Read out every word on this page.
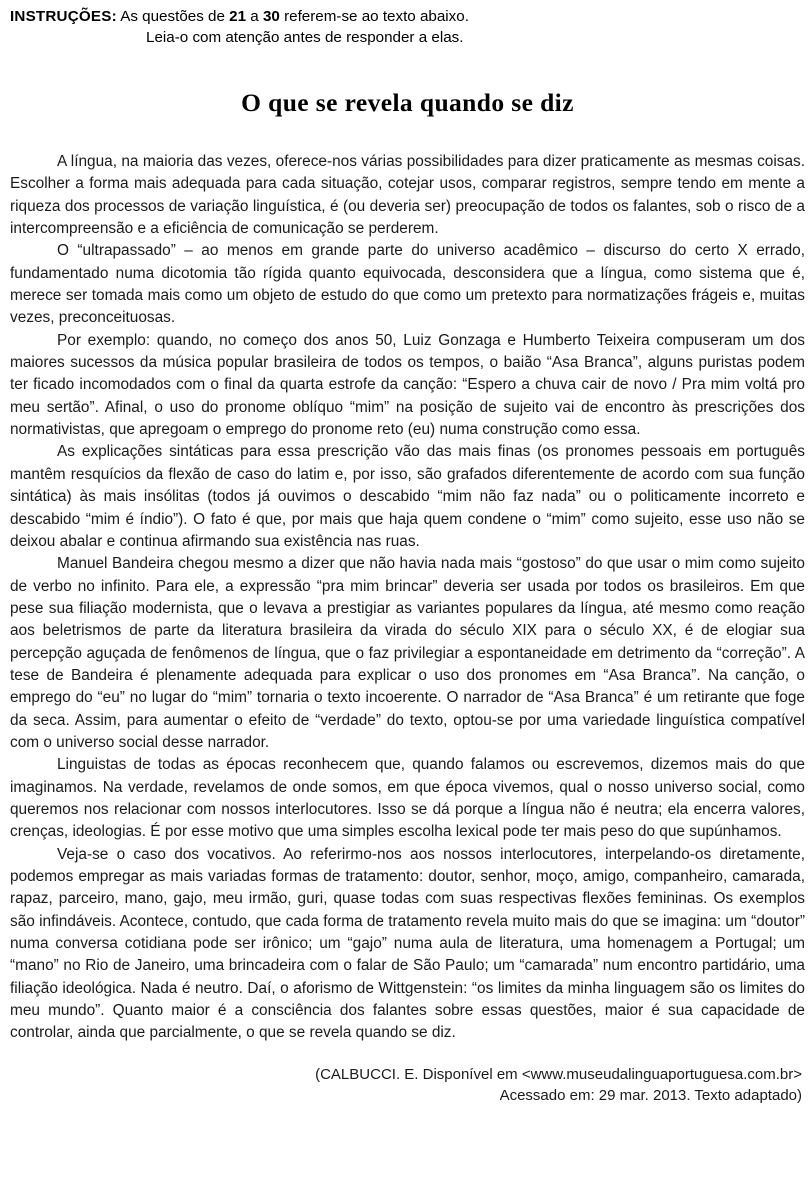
INSTRUÇÕES: As questões de 21 a 30 referem-se ao texto abaixo.
Leia-o com atenção antes de responder a elas.
O que se revela quando se diz

A língua, na maioria das vezes, oferece-nos várias possibilidades para dizer praticamente as mesmas coisas. Escolher a forma mais adequada para cada situação, cotejar usos, comparar registros, sempre tendo em mente a riqueza dos processos de variação linguística, é (ou deveria ser) preocupação de todos os falantes, sob o risco de a intercompreensão e a eficiência de comunicação se perderem.

O “ultrapassado” – ao menos em grande parte do universo acadêmico – discurso do certo X errado, fundamentado numa dicotomia tão rígida quanto equivocada, desconsidera que a língua, como sistema que é, merece ser tomada mais como um objeto de estudo do que como um pretexto para normatizações frágeis e, muitas vezes, preconceituosas.

Por exemplo: quando, no começo dos anos 50, Luiz Gonzaga e Humberto Teixeira compuseram um dos maiores sucessos da música popular brasileira de todos os tempos, o baião “Asa Branca”, alguns puristas podem ter ficado incomodados com o final da quarta estrofe da canção: “Espero a chuva cair de novo / Pra mim voltá pro meu sertão”. Afinal, o uso do pronome oblíquo “mim” na posição de sujeito vai de encontro às prescrições dos normativistas, que apregoam o emprego do pronome reto (eu) numa construção como essa.

As explicações sintáticas para essa prescrição vão das mais finas (os pronomes pessoais em português mantêm resquícios da flexão de caso do latim e, por isso, são grafados diferentemente de acordo com sua função sintática) às mais insólitas (todos já ouvimos o descabido “mim não faz nada” ou o politicamente incorreto e descabido “mim é índio”). O fato é que, por mais que haja quem condene o “mim” como sujeito, esse uso não se deixou abalar e continua afirmando sua existência nas ruas.

Manuel Bandeira chegou mesmo a dizer que não havia nada mais “gostoso” do que usar o mim como sujeito de verbo no infinito. Para ele, a expressão “pra mim brincar” deveria ser usada por todos os brasileiros. Em que pese sua filiação modernista, que o levava a prestigiar as variantes populares da língua, até mesmo como reação aos beletrismos de parte da literatura brasileira da virada do século XIX para o século XX, é de elogiar sua percepção aguçada de fenômenos de língua, que o faz privilegiar a espontaneidade em detrimento da “correção”. A tese de Bandeira é plenamente adequada para explicar o uso dos pronomes em “Asa Branca”. Na canção, o emprego do “eu” no lugar do “mim” tornaria o texto incoerente. O narrador de “Asa Branca” é um retirante que foge da seca. Assim, para aumentar o efeito de “verdade” do texto, optou-se por uma variedade linguística compatível com o universo social desse narrador.

Linguistas de todas as épocas reconhecem que, quando falamos ou escrevemos, dizemos mais do que imaginamos. Na verdade, revelamos de onde somos, em que época vivemos, qual o nosso universo social, como queremos nos relacionar com nossos interlocutores. Isso se dá porque a língua não é neutra; ela encerra valores, crenças, ideologias. É por esse motivo que uma simples escolha lexical pode ter mais peso do que supúnhamos.

Veja-se o caso dos vocativos. Ao referirmo-nos aos nossos interlocutores, interpelando-os diretamente, podemos empregar as mais variadas formas de tratamento: doutor, senhor, moço, amigo, companheiro, camarada, rapaz, parceiro, mano, gajo, meu irmão, guri, quase todas com suas respectivas flexões femininas. Os exemplos são infindáveis. Acontece, contudo, que cada forma de tratamento revela muito mais do que se imagina: um “doutor” numa conversa cotidiana pode ser irônico; um “gajo” numa aula de literatura, uma homenagem a Portugal; um “mano” no Rio de Janeiro, uma brincadeira com o falar de São Paulo; um “camarada” num encontro partidário, uma filiação ideológica. Nada é neutro. Daí, o aforismo de Wittgenstein: “os limites da minha linguagem são os limites do meu mundo”. Quanto maior é a consciência dos falantes sobre essas questões, maior é sua capacidade de controlar, ainda que parcialmente, o que se revela quando se diz.

(CALBUCCI. E. Disponível em <www.museudalinguaportuguesa.com.br>
Acessado em: 29 mar. 2013. Texto adaptado)
